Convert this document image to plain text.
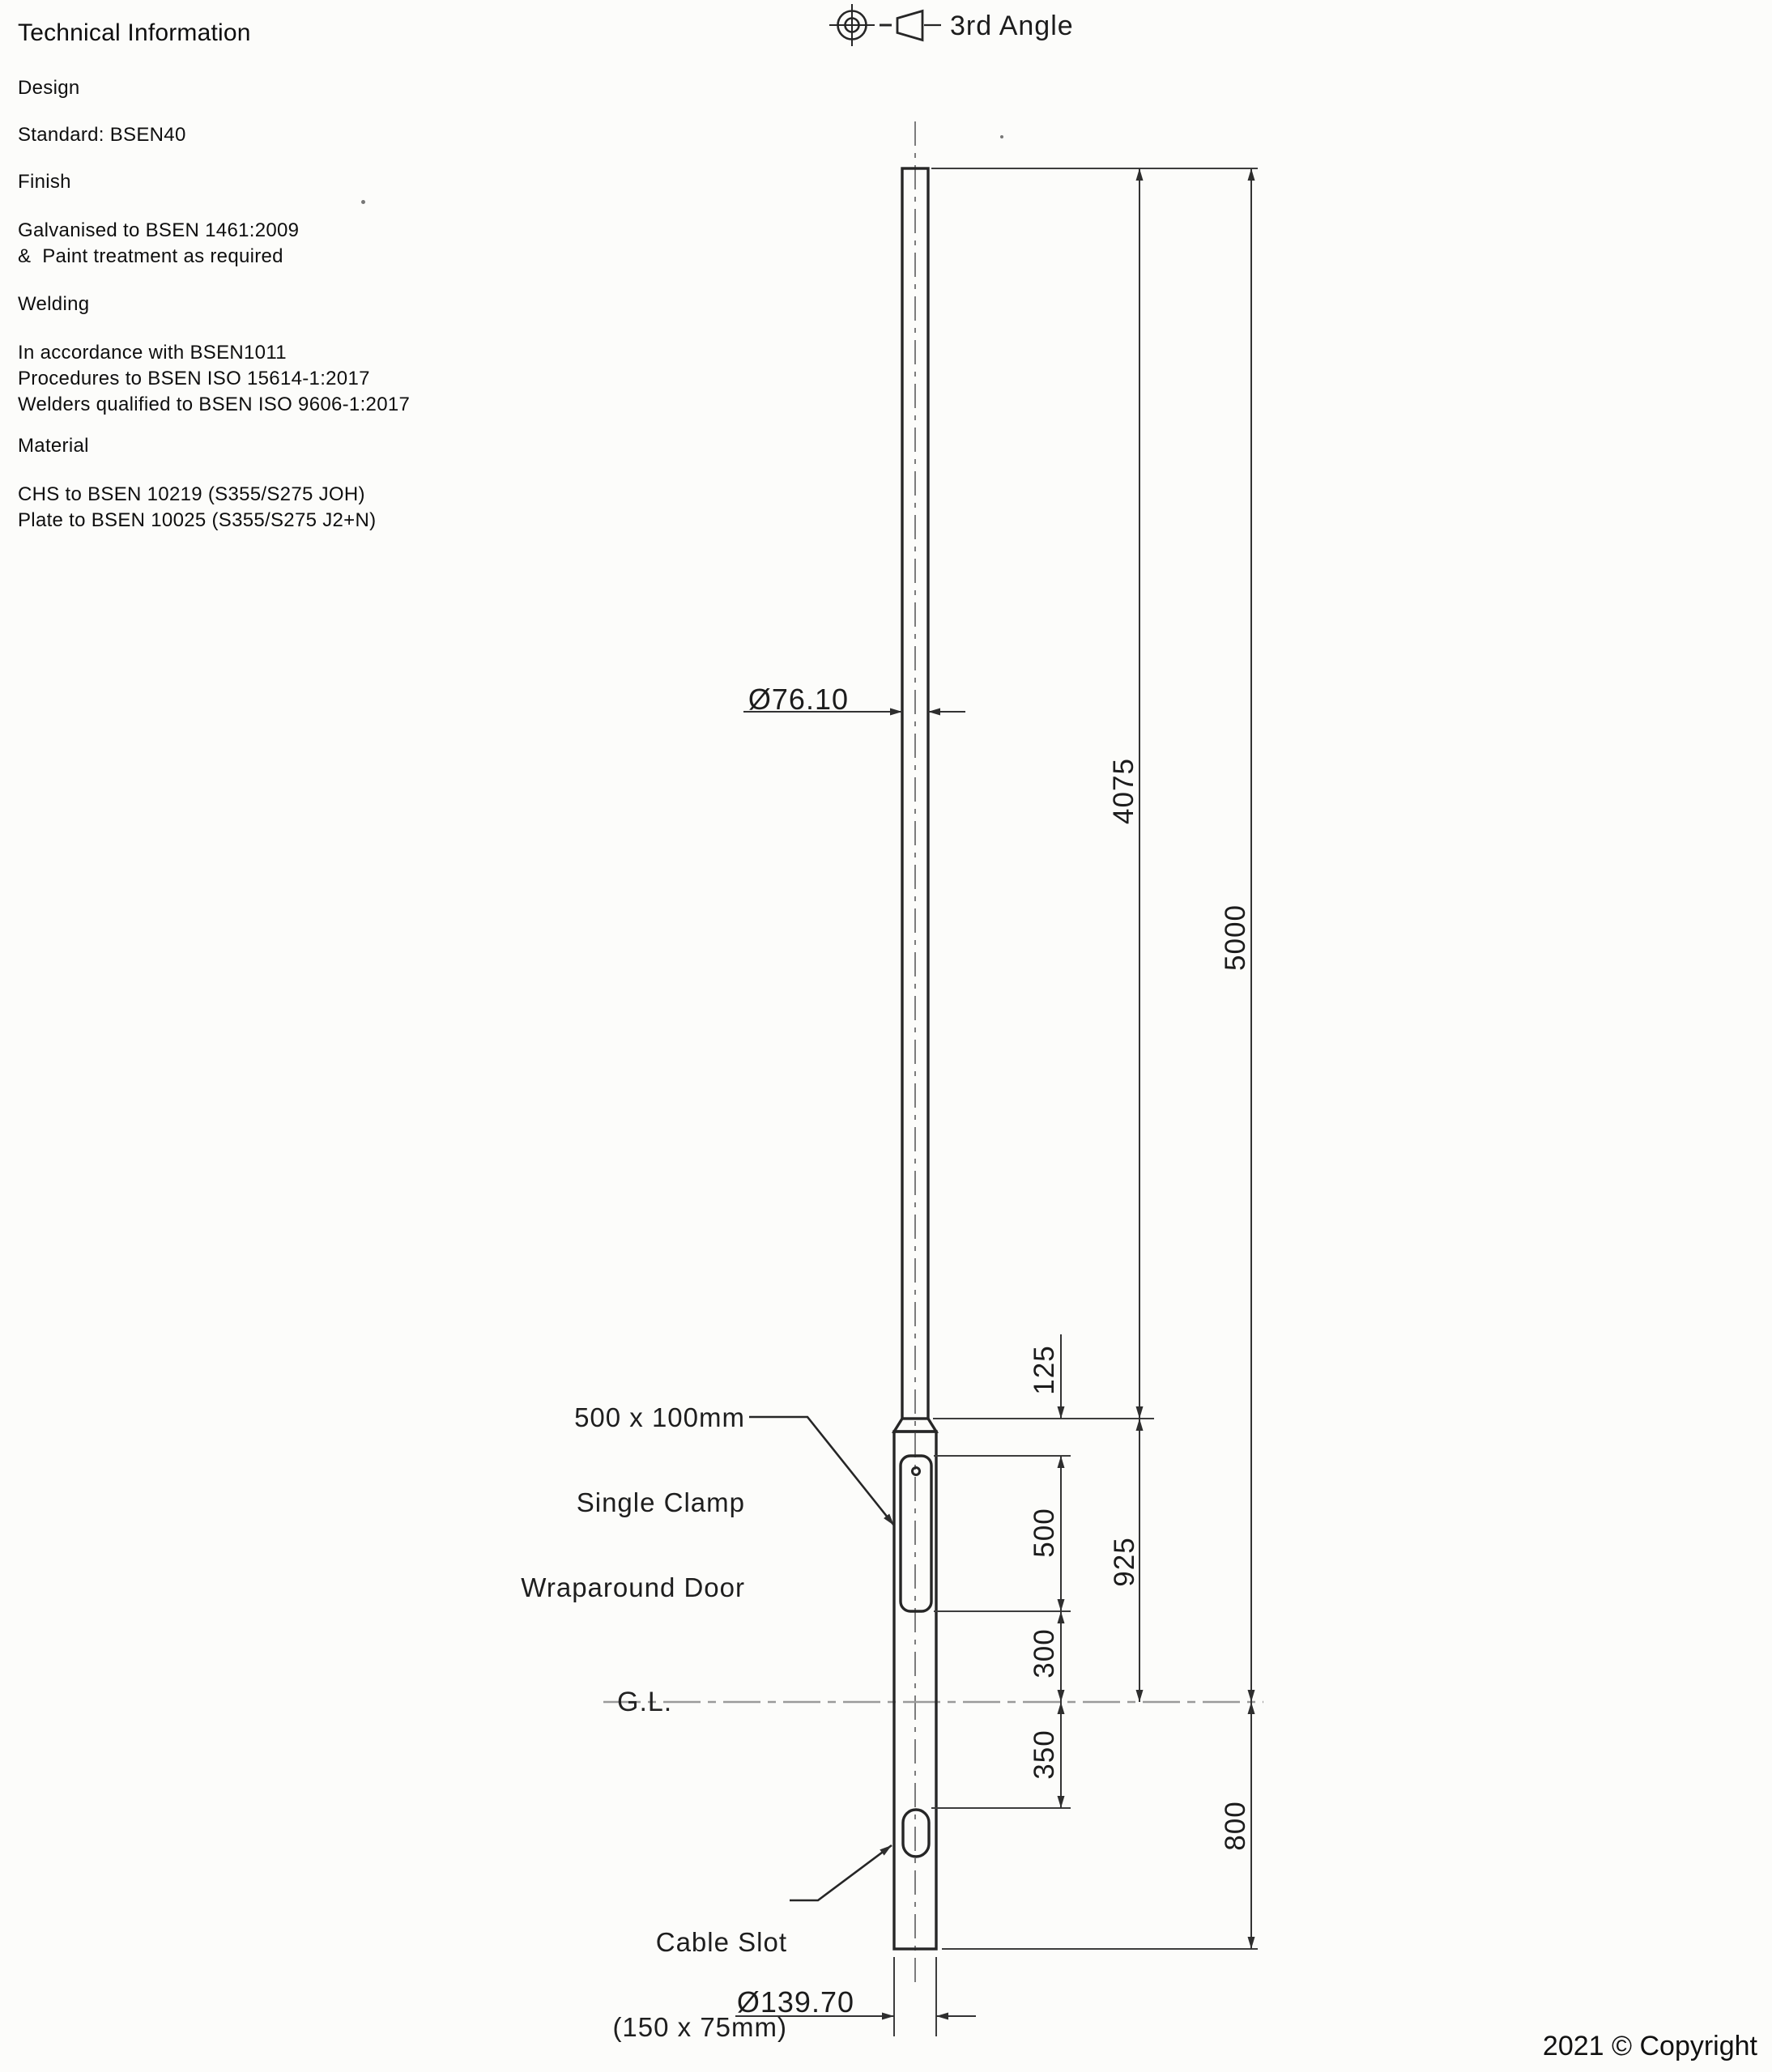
Technical Information
Design
Standard: BSEN40
Finish
Galvanised to BSEN 1461:2009
&  Paint treatment as required
Welding
In accordance with BSEN1011
Procedures to BSEN ISO 15614-1:2017
Welders qualified to BSEN ISO 9606-1:2017
Material
CHS to BSEN 10219 (S355/S275 JOH)
Plate to BSEN 10025 (S355/S275 J2+N)
3rd Angle
Ø76.10
Ø139.70
125
500
300
350
925
4075
5000
800
G.L.

500 x 100mm

Single Clamp

Wraparound Door

Cable Slot

(150 x 75mm)

2021 © Copyright
